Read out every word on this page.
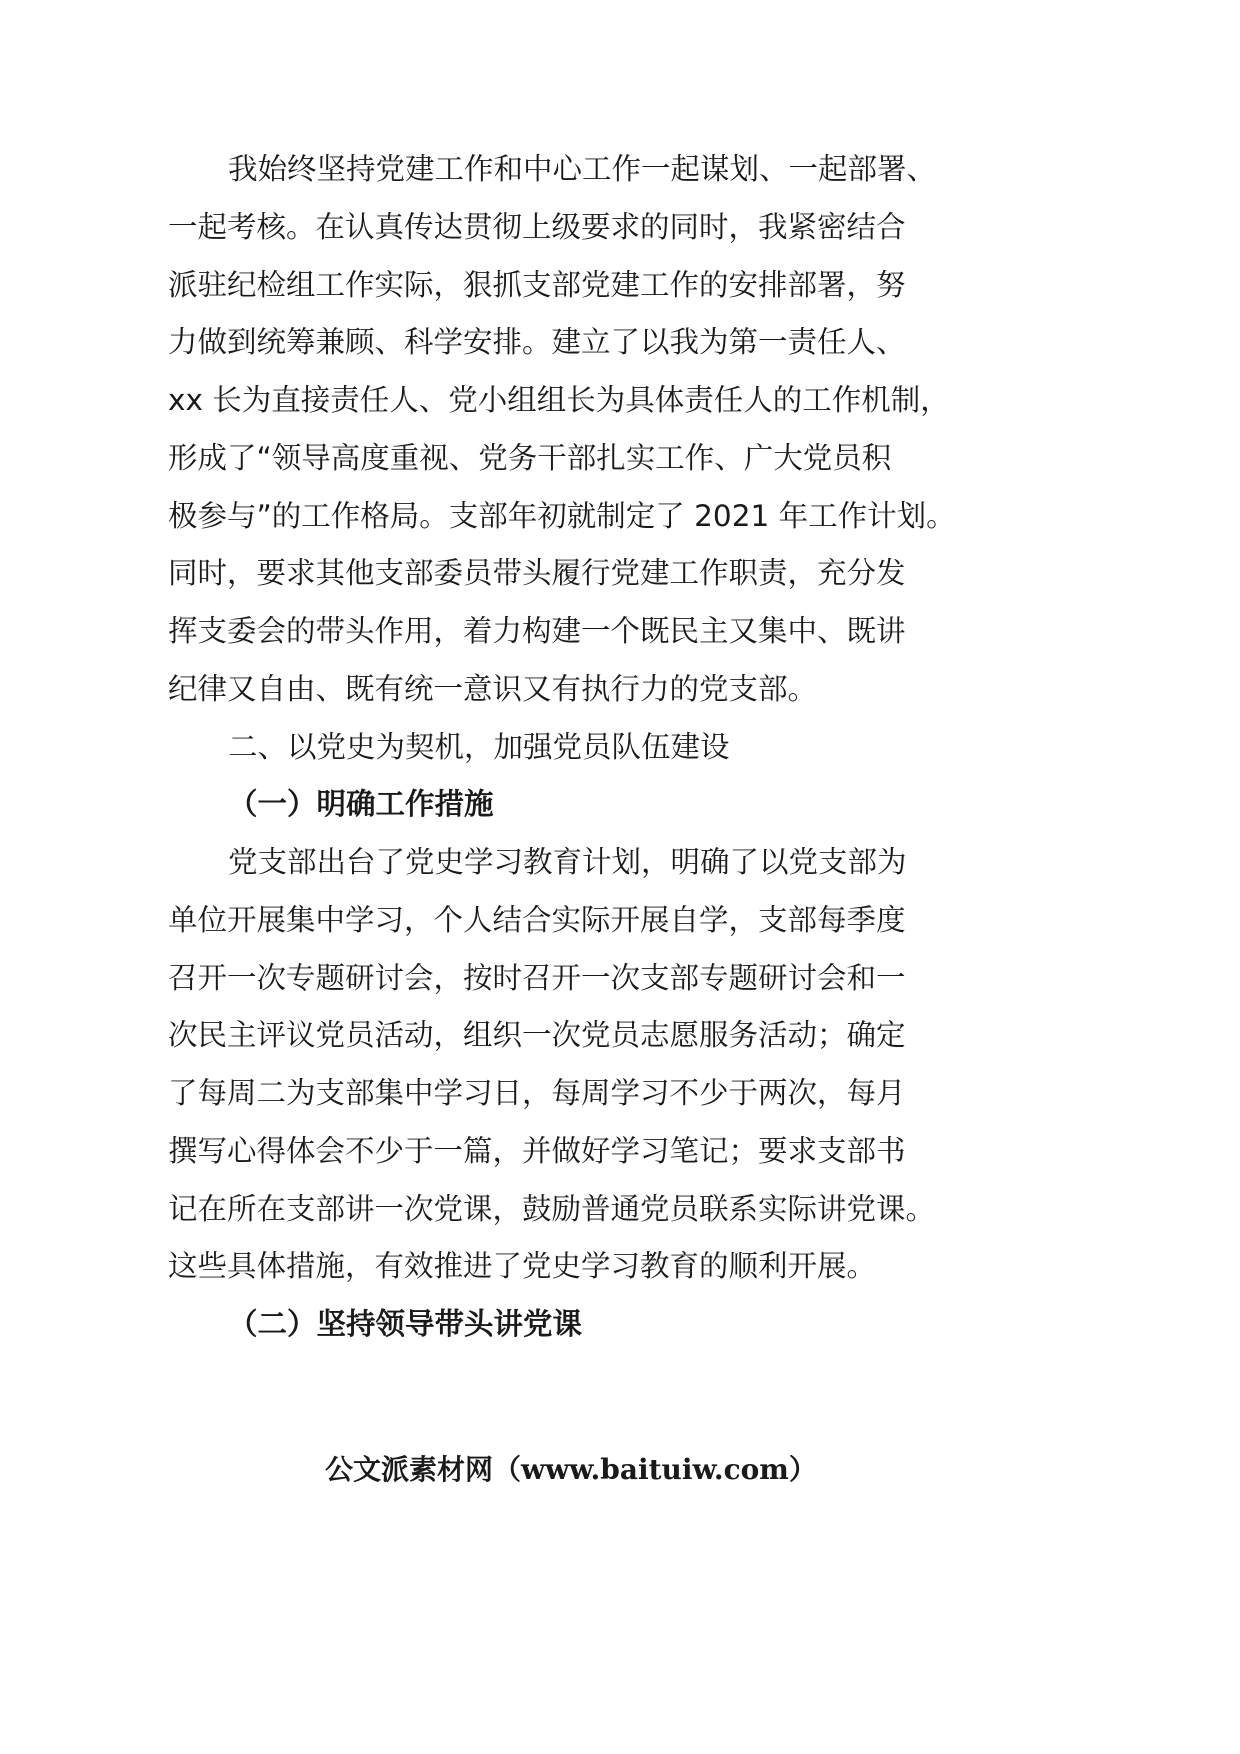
我始终坚持党建工作和中心工作一起谋划、一起部署、
一起考核。在认真传达贯彻上级要求的同时，我紧密结合
派驻纪检组工作实际，狠抓支部党建工作的安排部署，努
力做到统筹兼顾、科学安排。建立了以我为第一责任人、
xx 长为直接责任人、党小组组长为具体责任人的工作机制，
形成了“领导高度重视、党务干部扎实工作、广大党员积
极参与”的工作格局。支部年初就制定了 2021 年工作计划。
同时，要求其他支部委员带头履行党建工作职责，充分发
挥支委会的带头作用，着力构建一个既民主又集中、既讲
纪律又自由、既有统一意识又有执行力的党支部。
二、以党史为契机，加强党员队伍建设
（一）明确工作措施
党支部出台了党史学习教育计划，明确了以党支部为
单位开展集中学习，个人结合实际开展自学，支部每季度
召开一次专题研讨会，按时召开一次支部专题研讨会和一
次民主评议党员活动，组织一次党员志愿服务活动；确定
了每周二为支部集中学习日，每周学习不少于两次，每月
撰写心得体会不少于一篇，并做好学习笔记；要求支部书
记在所在支部讲一次党课，鼓励普通党员联系实际讲党课。
这些具体措施，有效推进了党史学习教育的顺利开展。
（二）坚持领导带头讲党课
公文派素材网（www.baituiw.com）
